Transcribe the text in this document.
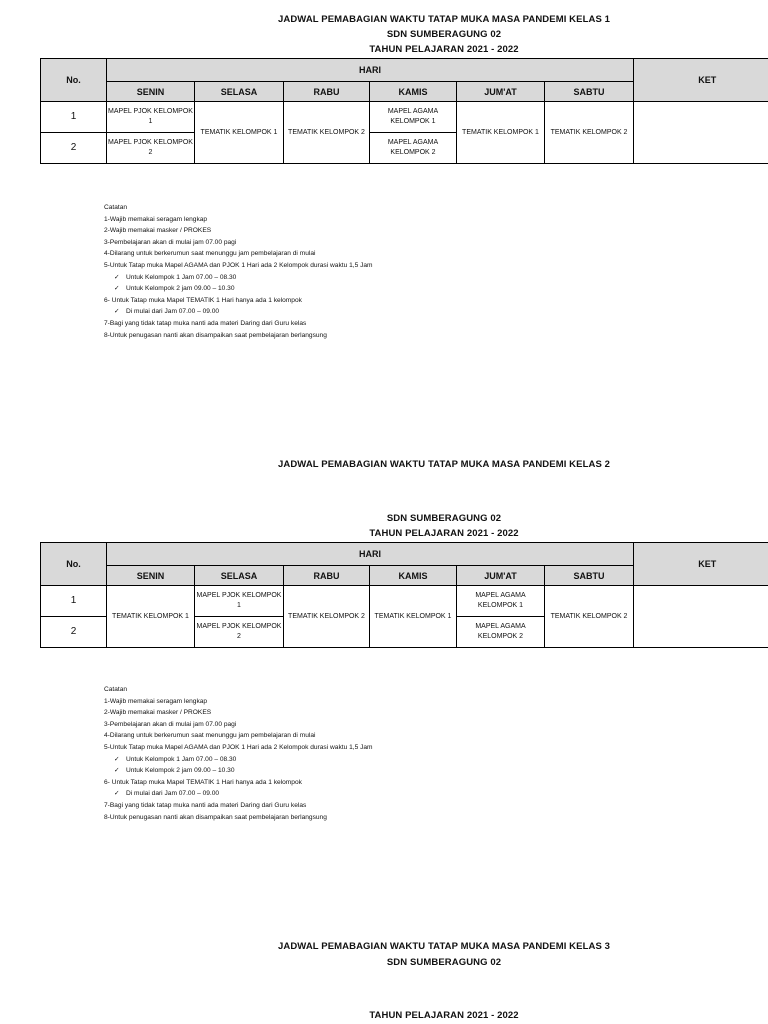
JADWAL PEMABAGIAN WAKTU TATAP MUKA MASA PANDEMI KELAS 1
SDN SUMBERAGUNG 02
TAHUN PELAJARAN 2021 - 2022
No.	HARI						KET
	SENIN	SELASA	RABU	KAMIS	JUM'AT	SABTU	
1	MAPEL PJOK KELOMPOK 1	TEMATIK KELOMPOK 1	TEMATIK KELOMPOK 2	MAPEL AGAMA KELOMPOK 1	TEMATIK KELOMPOK 1	TEMATIK KELOMPOK 2	
2	MAPEL PJOK KELOMPOK 2			MAPEL AGAMA KELOMPOK 2			
Catatan
1-Wajib memakai seragam lengkap
2-Wajib memakai masker / PROKES
3-Pembelajaran akan di mulai jam 07.00 pagi
4-Dilarang untuk berkerumun saat menunggu jam pembelajaran di mulai
5-Untuk Tatap muka Mapel AGAMA dan PJOK 1 Hari ada 2 Kelompok durasi waktu 1,5 Jam
✓ Untuk Kelompok 1 Jam 07.00 – 08.30
✓ Untuk Kelompok 2 jam 09.00 – 10.30
6- Untuk Tatap muka Mapel TEMATIK 1 Hari hanya ada 1 kelompok
✓ Di mulai dari Jam 07.00 – 09.00
7-Bagi yang tidak tatap muka nanti ada materi Daring dari Guru kelas
8-Untuk penugasan nanti akan disampaikan saat pembelajaran berlangsung
JADWAL PEMABAGIAN WAKTU TATAP MUKA MASA PANDEMI KELAS 2
SDN SUMBERAGUNG 02
TAHUN PELAJARAN 2021 - 2022
No.	HARI						KET
	SENIN	SELASA	RABU	KAMIS	JUM'AT	SABTU	
1	TEMATIK KELOMPOK 1	MAPEL PJOK KELOMPOK 1	TEMATIK KELOMPOK 2	TEMATIK KELOMPOK 1	MAPEL AGAMA KELOMPOK 1	TEMATIK KELOMPOK 2	
2		MAPEL PJOK KELOMPOK 2			MAPEL AGAMA KELOMPOK 2		
Catatan
1-Wajib memakai seragam lengkap
2-Wajib memakai masker / PROKES
3-Pembelajaran akan di mulai jam 07.00 pagi
4-Dilarang untuk berkerumun saat menunggu jam pembelajaran di mulai
5-Untuk Tatap muka Mapel AGAMA dan PJOK 1 Hari ada 2 Kelompok durasi waktu 1,5 Jam
✓ Untuk Kelompok 1 Jam 07.00 – 08.30
✓ Untuk Kelompok 2 jam 09.00 – 10.30
6- Untuk Tatap muka Mapel TEMATIK 1 Hari hanya ada 1 kelompok
✓ Di mulai dari Jam 07.00 – 09.00
7-Bagi yang tidak tatap muka nanti ada materi Daring dari Guru kelas
8-Untuk penugasan nanti akan disampaikan saat pembelajaran berlangsung
JADWAL PEMABAGIAN WAKTU TATAP MUKA MASA PANDEMI KELAS 3
SDN SUMBERAGUNG 02
TAHUN PELAJARAN 2021 - 2022
